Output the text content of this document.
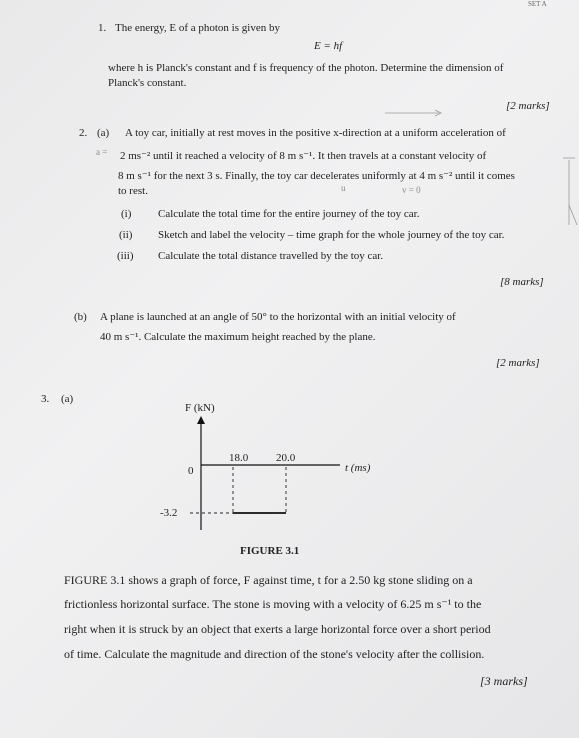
SET A
1. The energy, E of a photon is given by
E = hf
where h is Planck's constant and f is frequency of the photon. Determine the dimension of
Planck's constant.
[2 marks]
2. (a) A toy car, initially at rest moves in the positive x-direction at a uniform acceleration of
a = 2 ms⁻² until it reached a velocity of 8 m s⁻¹. It then travels at a constant velocity of
8 m s⁻¹ for the next 3 s. Finally, the toy car decelerates uniformly at 4 m s⁻² until it comes
to rest.	u	v = 0
(i) Calculate the total time for the entire journey of the toy car.
(ii) Sketch and label the velocity – time graph for the whole journey of the toy car.
(iii) Calculate the total distance travelled by the toy car.
[8 marks]
(b) A plane is launched at an angle of 50° to the horizontal with an initial velocity of
40 m s⁻¹. Calculate the maximum height reached by the plane.
[2 marks]
3. (a)
F (kN)
t (ms)
0
18.0	20.0
-3.2
FIGURE 3.1
FIGURE 3.1 shows a graph of force, F against time, t for a 2.50 kg stone sliding on a
frictionless horizontal surface. The stone is moving with a velocity of 6.25 m s⁻¹ to the
right when it is struck by an object that exerts a large horizontal force over a short period
of time. Calculate the magnitude and direction of the stone's velocity after the collision.
[3 marks]
